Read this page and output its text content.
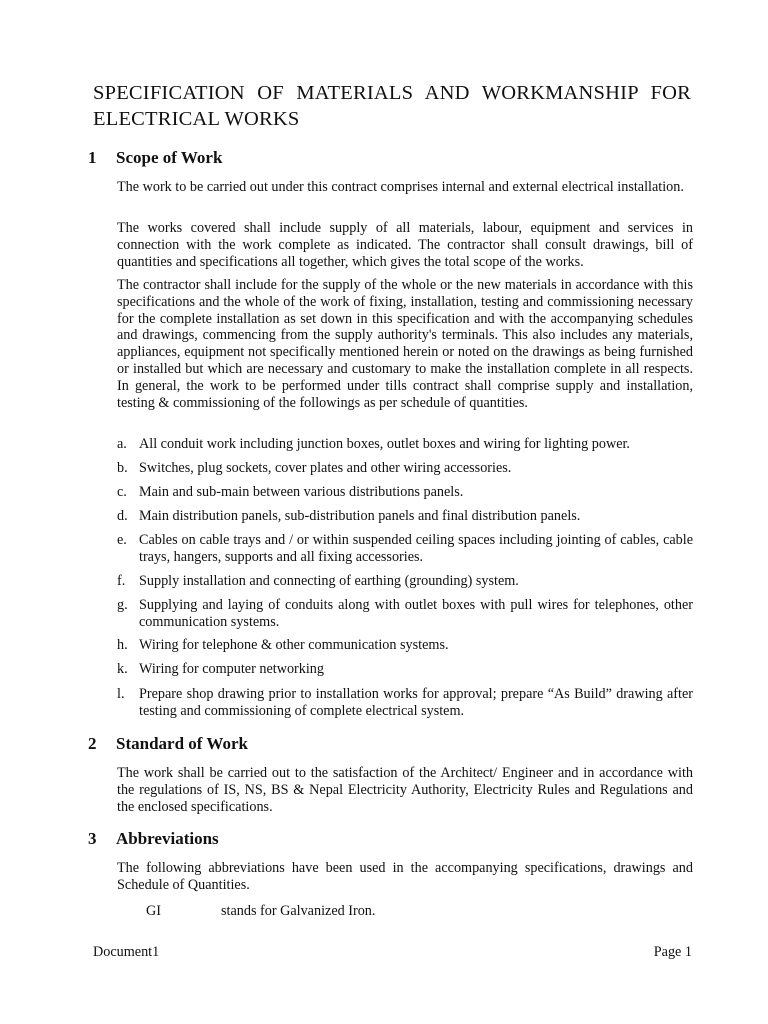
SPECIFICATION OF MATERIALS AND WORKMANSHIP FOR ELECTRICAL WORKS
1 Scope of Work

The work to be carried out under this contract comprises internal and external electrical installation.

The works covered shall include supply of all materials, labour, equipment and services in connection with the work complete as indicated. The contractor shall consult drawings, bill of quantities and specifications all together, which gives the total scope of the works.

The contractor shall include for the supply of the whole or the new materials in accordance with this specifications and the whole of the work of fixing, installation, testing and commissioning necessary for the complete installation as set down in this specification and with the accompanying schedules and drawings, commencing from the supply authority's terminals. This also includes any materials, appliances, equipment not specifically mentioned herein or noted on the drawings as being furnished or installed but which are necessary and customary to make the installation complete in all respects. In general, the work to be performed under tills contract shall comprise supply and installation, testing & commissioning of the followings as per schedule of quantities.

a. All conduit work including junction boxes, outlet boxes and wiring for lighting power.
b. Switches, plug sockets, cover plates and other wiring accessories.
c. Main and sub-main between various distributions panels.
d. Main distribution panels, sub-distribution panels and final distribution panels.
e. Cables on cable trays and / or within suspended ceiling spaces including jointing of cables, cable trays, hangers, supports and all fixing accessories.
f. Supply installation and connecting of earthing (grounding) system.
g. Supplying and laying of conduits along with outlet boxes with pull wires for telephones, other communication systems.
h. Wiring for telephone & other communication systems.
k. Wiring for computer networking
l.	Prepare shop drawing prior to installation works for approval; prepare “As Build” drawing after testing and commissioning of complete electrical system.
2 Standard of Work

The work shall be carried out to the satisfaction of the Architect/ Engineer and in accordance with the regulations of IS, NS, BS & Nepal Electricity Authority, Electricity Rules and Regulations and the enclosed specifications.

3 Abbreviations

The following abbreviations have been used in the accompanying specifications, drawings and Schedule of Quantities.

GI	stands for Galvanized Iron.
Document1	Page 1
